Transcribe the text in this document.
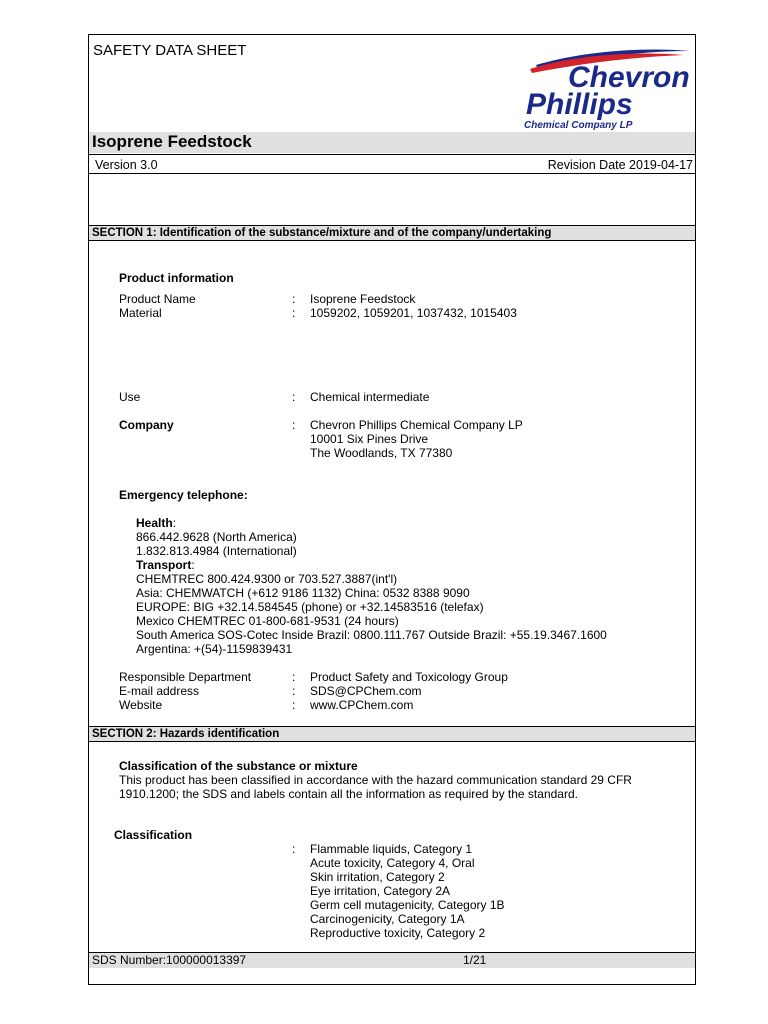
SAFETY DATA SHEET
Chevron
Phillips
Chemical Company LP
Isoprene Feedstock
Version 3.0	Revision Date 2019-04-17
SECTION 1: Identification of the substance/mixture and of the company/undertaking
Product information
Product Name	: Isoprene Feedstock
Material	: 1059202, 1059201, 1037432, 1015403
Use	: Chemical intermediate
Company	: Chevron Phillips Chemical Company LP
10001 Six Pines Drive
The Woodlands, TX 77380
Emergency telephone:
Health:
866.442.9628 (North America)
1.832.813.4984 (International)
Transport:
CHEMTREC 800.424.9300 or 703.527.3887(int'l)
Asia: CHEMWATCH (+612 9186 1132) China: 0532 8388 9090
EUROPE: BIG +32.14.584545 (phone) or +32.14583516 (telefax)
Mexico CHEMTREC 01-800-681-9531 (24 hours)
South America SOS-Cotec Inside Brazil: 0800.111.767 Outside Brazil: +55.19.3467.1600
Argentina: +(54)-1159839431
Responsible Department	: Product Safety and Toxicology Group
E-mail address	: SDS@CPChem.com
Website	: www.CPChem.com
SECTION 2: Hazards identification
Classification of the substance or mixture
This product has been classified in accordance with the hazard communication standard 29 CFR
1910.1200; the SDS and labels contain all the information as required by the standard.
Classification
: Flammable liquids, Category 1
Acute toxicity, Category 4, Oral
Skin irritation, Category 2
Eye irritation, Category 2A
Germ cell mutagenicity, Category 1B
Carcinogenicity, Category 1A
Reproductive toxicity, Category 2
SDS Number:100000013397	1/21
